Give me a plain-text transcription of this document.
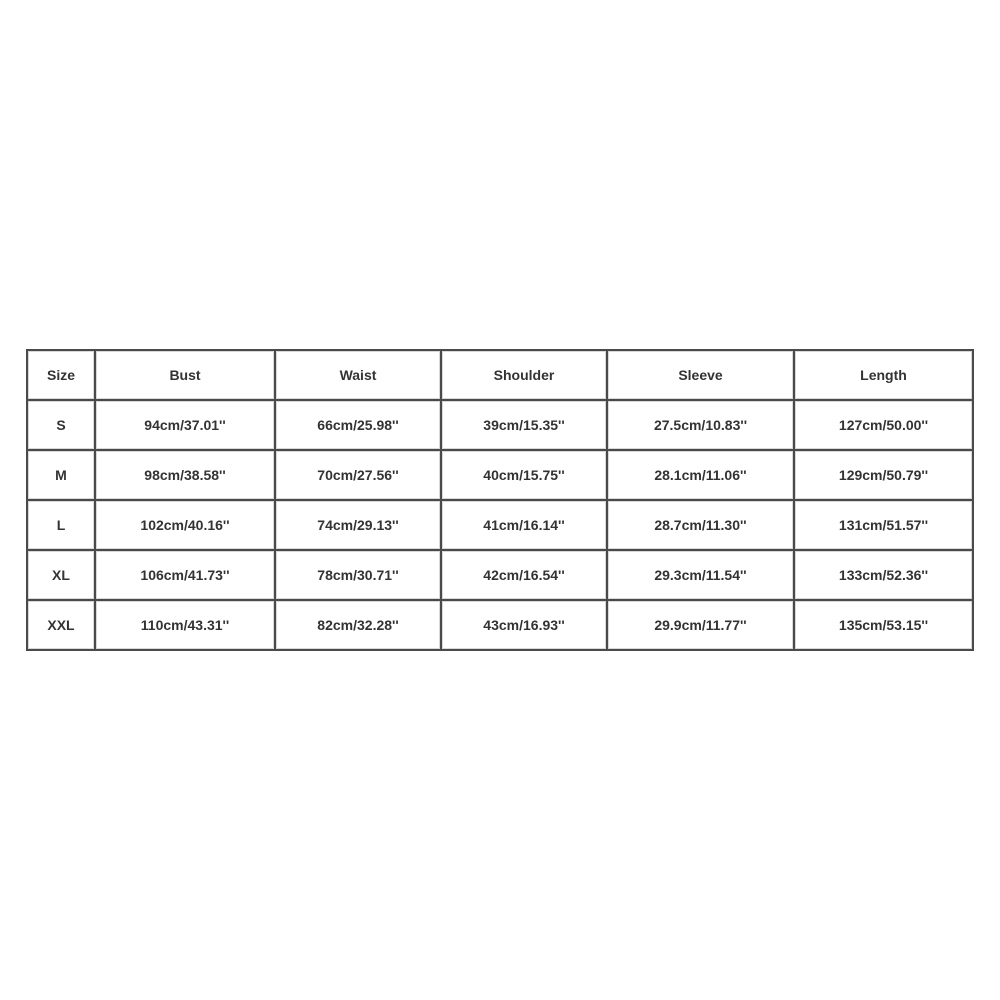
Size	Bust	Waist	Shoulder	Sleeve	Length
S	94cm/37.01''	66cm/25.98''	39cm/15.35''	27.5cm/10.83''	127cm/50.00''
M	98cm/38.58''	70cm/27.56''	40cm/15.75''	28.1cm/11.06''	129cm/50.79''
L	102cm/40.16''	74cm/29.13''	41cm/16.14''	28.7cm/11.30''	131cm/51.57''
XL	106cm/41.73''	78cm/30.71''	42cm/16.54''	29.3cm/11.54''	133cm/52.36''
XXL	110cm/43.31''	82cm/32.28''	43cm/16.93''	29.9cm/11.77''	135cm/53.15''
